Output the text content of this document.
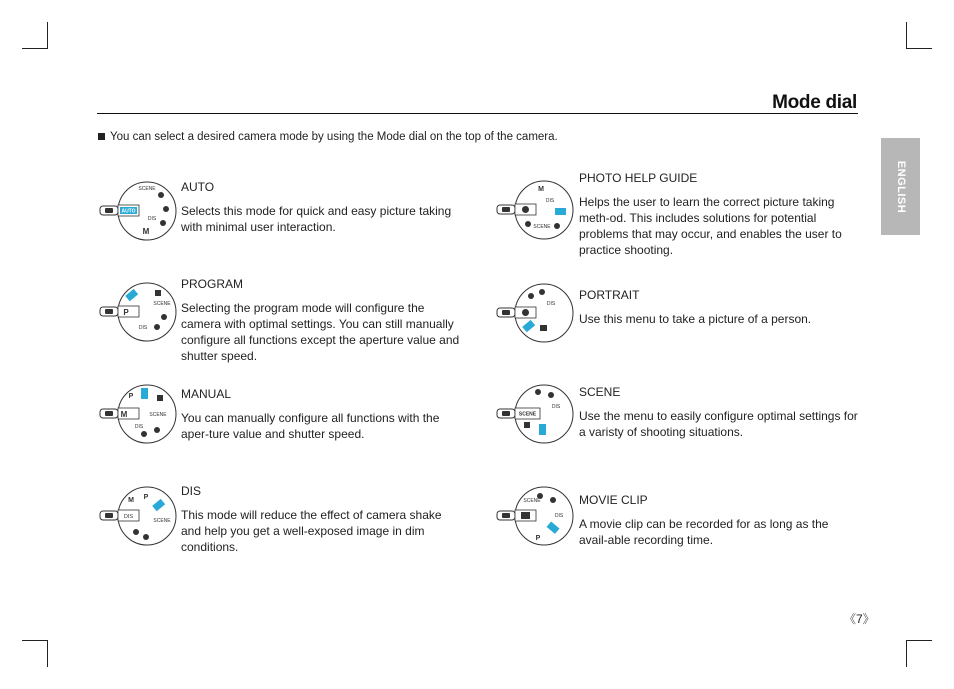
Mode dial
You can select a desired camera mode by using the Mode dial on the top of the camera.
ENGLISH
AUTO
SCENE
DIS
M

AUTO

Selects this mode for quick and easy picture taking with minimal user interaction.

P
SCENE
DIS

PROGRAM

Selecting the program mode will configure the camera with optimal settings. You can still manually configure all functions except the aperture value and shutter speed.

M
P
SCENE
DIS

MANUAL

You can manually configure all functions with the aper-ture value and shutter speed.

DIS
M P
SCENE

DIS

This mode will reduce the effect of camera shake and help you get a well-exposed image in dim conditions.

M
DIS
SCENE

PHOTO HELP GUIDE

Helps the user to learn the correct picture taking meth-od. This includes solutions for potential problems that may occur, and enables the user to practice shooting.

DIS

PORTRAIT

Use this menu to take a picture of a person.

SCENE
DIS

SCENE

Use the menu to easily configure optimal settings for a varisty of shooting situations.

SCENE
DIS
P

MOVIE CLIP

A movie clip can be recorded for as long as the avail-able recording time.

《7》
